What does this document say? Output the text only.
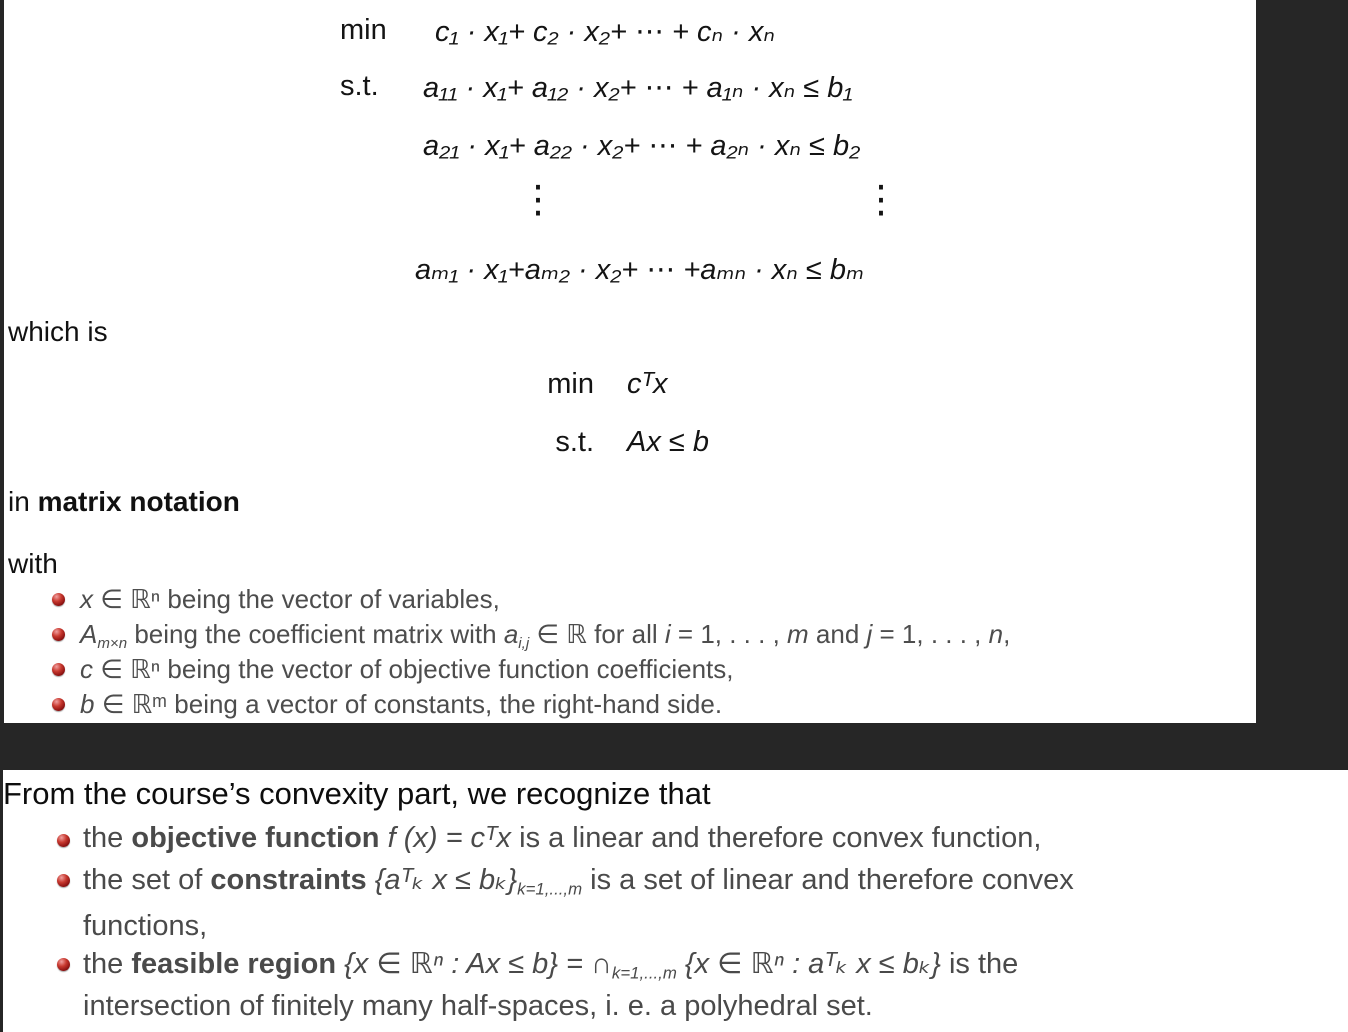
min c₁ · x₁+ c₂ · x₂+ ⋯ + cₙ · xₙ
s.t. a₁₁ · x₁+ a₁₂ · x₂+ ⋯ + a₁ₙ · xₙ ≤ b₁
a₂₁ · x₁+ a₂₂ · x₂+ ⋯ + a₂ₙ · xₙ ≤ b₂
⋮	⋮
aₘ₁ · x₁+aₘ₂ · x₂+ ⋯ +aₘₙ · xₙ ≤ bₘ
which is
min cᵀx
s.t. Ax ≤ b
in matrix notation
with
x ∈ ℝⁿ being the vector of variables,
Am×n being the coefficient matrix with ai,j ∈ ℝ for all i = 1, . . . , m and j = 1, . . . , n,
c ∈ ℝⁿ being the vector of objective function coefficients,
b ∈ ℝᵐ being a vector of constants, the right-hand side.
From the course’s convexity part, we recognize that
the objective function f (x) = cᵀx is a linear and therefore convex function,
the set of constraints {aᵀₖ x ≤ bₖ}k=1,...,m is a set of linear and therefore convex
functions,
the feasible region {x ∈ ℝⁿ : Ax ≤ b} = ∩k=1,...,m {x ∈ ℝⁿ : aᵀₖ x ≤ bₖ} is the
intersection of finitely many half-spaces, i. e. a polyhedral set.
